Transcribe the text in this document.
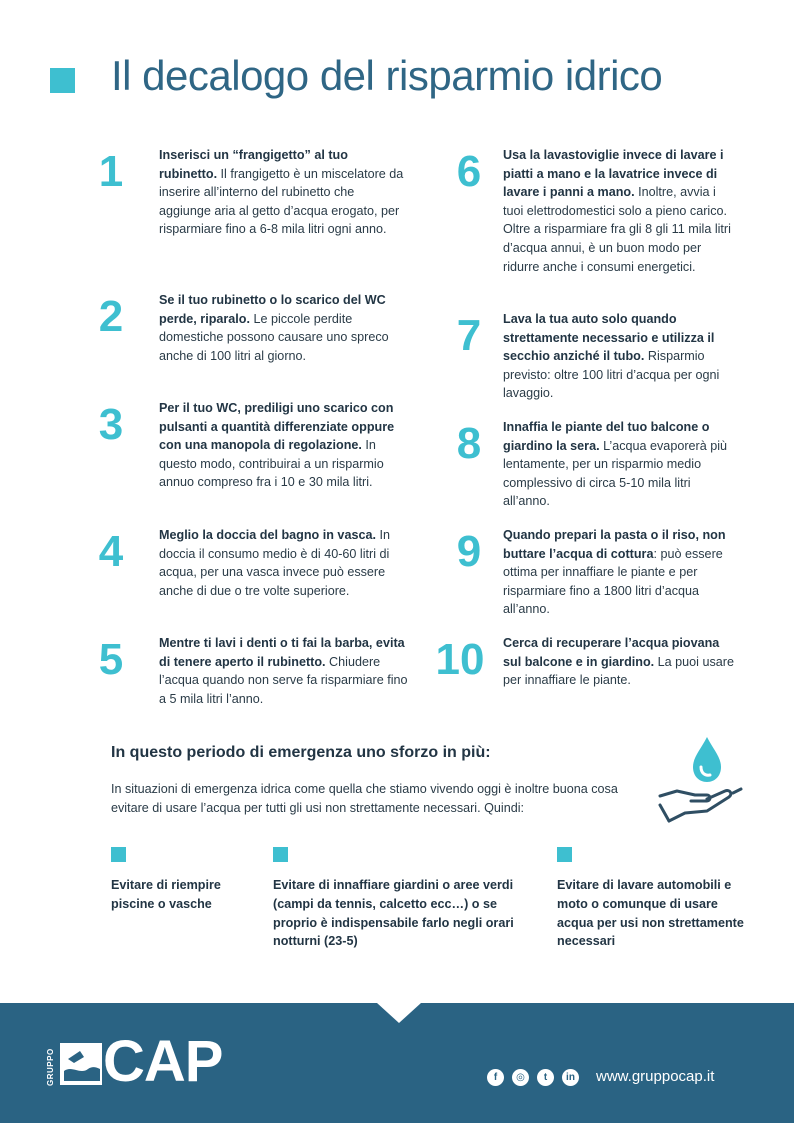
Il decalogo del risparmio idrico
1	Inserisci un “frangigetto” al tuo rubinetto. Il frangigetto è un miscelatore da inserire all’interno del rubinetto che aggiunge aria al getto d’acqua erogato, per risparmiare fino a 6-8 mila litri ogni anno.
2	Se il tuo rubinetto o lo scarico del WC perde, riparalo. Le piccole perdite domestiche possono causare uno spreco anche di 100 litri al giorno.
3	Per il tuo WC, prediligi uno scarico con pulsanti a quantità differenziate oppure con una manopola di regolazione. In questo modo, contribuirai a un risparmio annuo compreso fra i 10 e 30 mila litri.
4	Meglio la doccia del bagno in vasca. In doccia il consumo medio è di 40-60 litri di acqua, per una vasca invece può essere anche di due o tre volte superiore.
5	Mentre ti lavi i denti o ti fai la barba, evita di tenere aperto il rubinetto. Chiudere l’acqua quando non serve fa risparmiare fino a 5 mila litri l’anno.
6	Usa la lavastoviglie invece di lavare i piatti a mano e la lavatrice invece di lavare i panni a mano. Inoltre, avvia i tuoi elettrodomestici solo a pieno carico. Oltre a risparmiare fra gli 8 gli 11 mila litri d’acqua annui, è un buon modo per ridurre anche i consumi energetici.
7	Lava la tua auto solo quando strettamente necessario e utilizza il secchio anziché il tubo. Risparmio previsto: oltre 100 litri d’acqua per ogni lavaggio.
8	Innaffia le piante del tuo balcone o giardino la sera. L’acqua evaporerà più lentamente, per un risparmio medio complessivo di circa 5-10 mila litri all’anno.
9	Quando prepari la pasta o il riso, non buttare l’acqua di cottura: può essere ottima per innaffiare le piante e per risparmiare fino a 1800 litri d’acqua all’anno.
10	Cerca di recuperare l’acqua piovana sul balcone e in giardino. La puoi usare per innaffiare le piante.
In questo periodo di emergenza uno sforzo in più:
In situazioni di emergenza idrica come quella che stiamo vivendo oggi è inoltre buona cosa evitare di usare l’acqua per tutti gli usi non strettamente necessari. Quindi:
Evitare di riempire piscine o vasche
Evitare di innaffiare giardini o aree verdi (campi da tennis, calcetto ecc…) o se proprio è indispensabile farlo negli orari notturni (23-5)
Evitare di lavare automobili e moto o comunque di usare acqua per usi non strettamente necessari
GRUPPO CAP	f	◎	t	in www.gruppocap.it
